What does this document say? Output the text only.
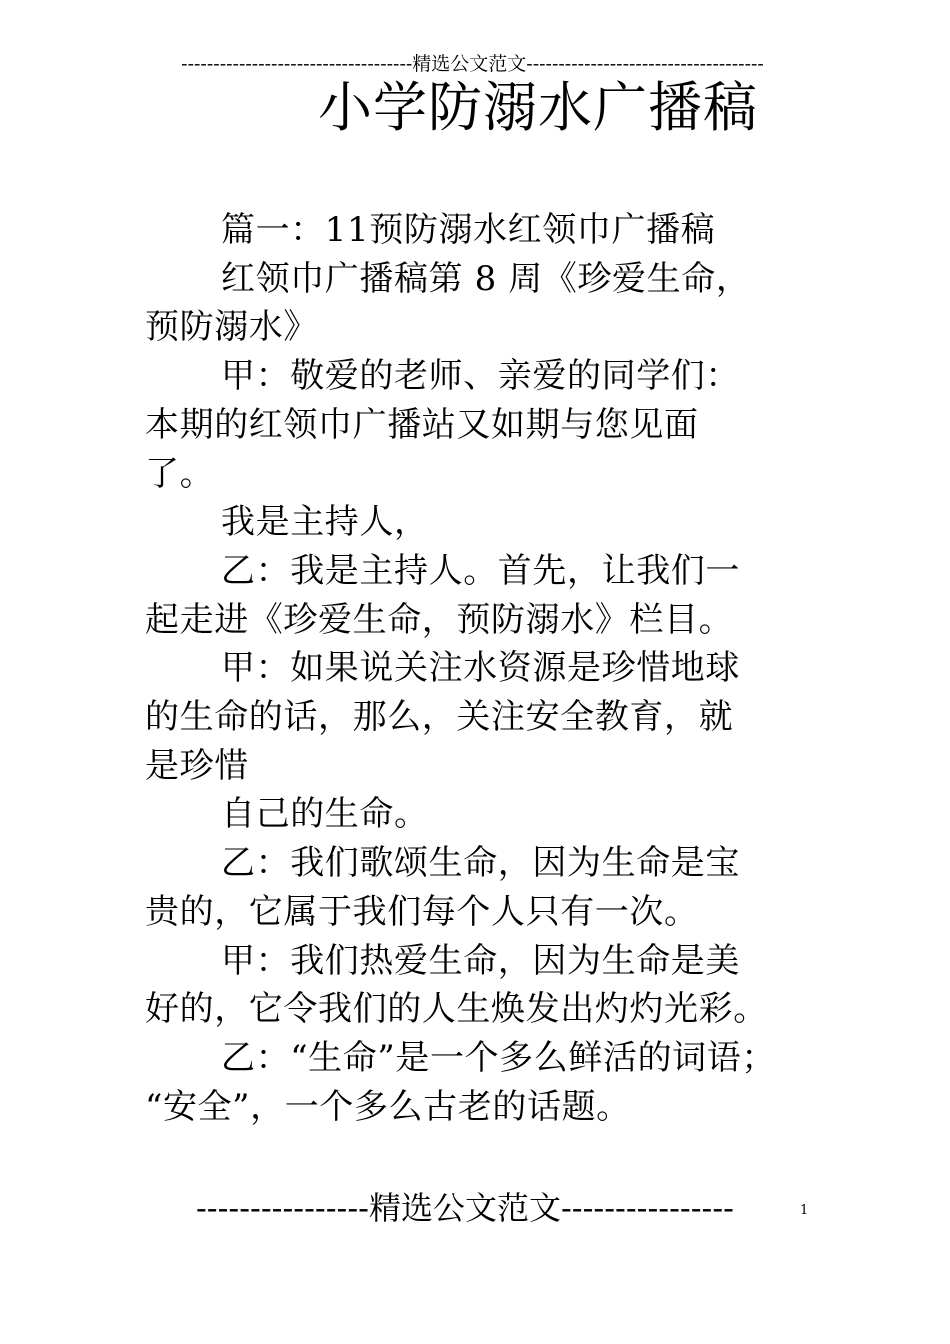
------------------------------------精选公文范文-------------------------------------
小学防溺水广播稿

篇一：11预防溺水红领巾广播稿

红领巾广播稿第 8 周《珍爱生命，

预防溺水》

甲：敬爱的老师、亲爱的同学们：

本期的红领巾广播站又如期与您见面
了。

我是主持人，

乙：我是主持人。首先，让我们一

起走进《珍爱生命，预防溺水》栏目。

甲：如果说关注水资源是珍惜地球

的生命的话，那么，关注安全教育，就
是珍惜

自己的生命。

乙：我们歌颂生命，因为生命是宝

贵的，它属于我们每个人只有一次。

甲：我们热爱生命，因为生命是美

好的，它令我们的人生焕发出灼灼光彩。

乙：“生命”是一个多么鲜活的词语；

“安全”，一个多么古老的话题。

----------------精选公文范文----------------	1
